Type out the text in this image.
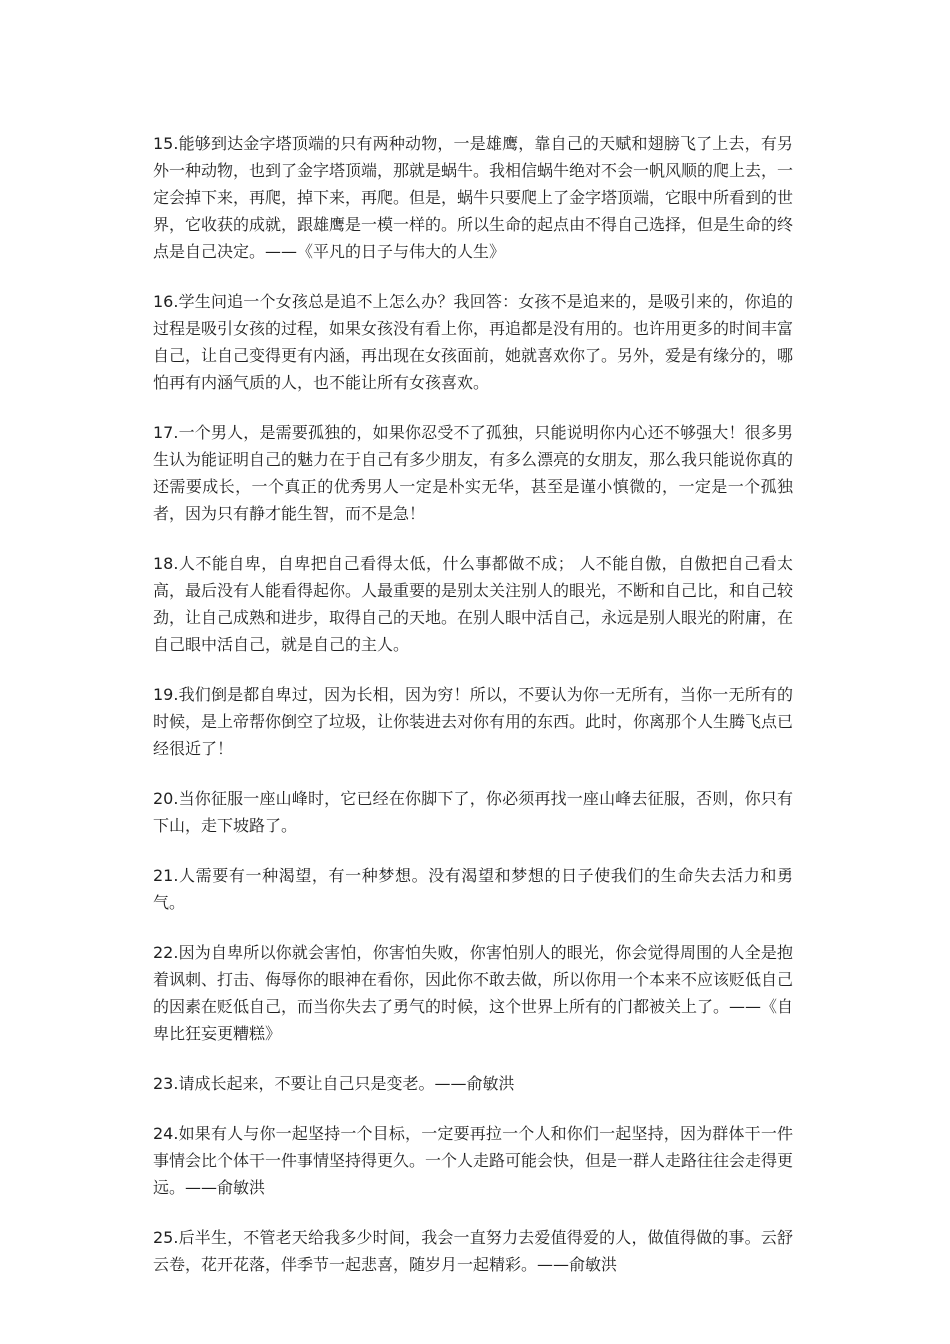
15.能够到达金字塔顶端的只有两种动物，一是雄鹰，靠自己的天赋和翅膀飞了上去，有另外一种动物，也到了金字塔顶端，那就是蜗牛。我相信蜗牛绝对不会一帆风顺的爬上去，一定会掉下来，再爬，掉下来，再爬。但是，蜗牛只要爬上了金字塔顶端，它眼中所看到的世界，它收获的成就，跟雄鹰是一模一样的。所以生命的起点由不得自己选择，但是生命的终点是自己决定。——《平凡的日子与伟大的人生》

16.学生问追一个女孩总是追不上怎么办？我回答：女孩不是追来的，是吸引来的，你追的过程是吸引女孩的过程，如果女孩没有看上你，再追都是没有用的。也许用更多的时间丰富自己，让自己变得更有内涵，再出现在女孩面前，她就喜欢你了。另外，爱是有缘分的，哪怕再有内涵气质的人，也不能让所有女孩喜欢。

17.一个男人，是需要孤独的，如果你忍受不了孤独，只能说明你内心还不够强大！很多男生认为能证明自己的魅力在于自己有多少朋友，有多么漂亮的女朋友，那么我只能说你真的还需要成长，一个真正的优秀男人一定是朴实无华，甚至是谨小慎微的，一定是一个孤独者，因为只有静才能生智，而不是急！

18.人不能自卑，自卑把自己看得太低，什么事都做不成； 人不能自傲，自傲把自己看太高，最后没有人能看得起你。人最重要的是别太关注别人的眼光，不断和自己比，和自己较劲，让自己成熟和进步，取得自己的天地。在别人眼中活自己，永远是别人眼光的附庸，在自己眼中活自己，就是自己的主人。

19.我们倒是都自卑过，因为长相，因为穷！所以，不要认为你一无所有，当你一无所有的时候，是上帝帮你倒空了垃圾，让你装进去对你有用的东西。此时，你离那个人生腾飞点已经很近了！

20.当你征服一座山峰时，它已经在你脚下了，你必须再找一座山峰去征服，否则，你只有下山，走下坡路了。

21.人需要有一种渴望，有一种梦想。没有渴望和梦想的日子使我们的生命失去活力和勇气。

22.因为自卑所以你就会害怕，你害怕失败，你害怕别人的眼光，你会觉得周围的人全是抱着讽刺、打击、侮辱你的眼神在看你，因此你不敢去做，所以你用一个本来不应该贬低自己的因素在贬低自己，而当你失去了勇气的时候，这个世界上所有的门都被关上了。——《自卑比狂妄更糟糕》

23.请成长起来，不要让自己只是变老。——俞敏洪

24.如果有人与你一起坚持一个目标，一定要再拉一个人和你们一起坚持，因为群体干一件事情会比个体干一件事情坚持得更久。一个人走路可能会快，但是一群人走路往往会走得更远。——俞敏洪

25.后半生，不管老天给我多少时间，我会一直努力去爱值得爱的人，做值得做的事。云舒云卷，花开花落，伴季节一起悲喜，随岁月一起精彩。——俞敏洪
